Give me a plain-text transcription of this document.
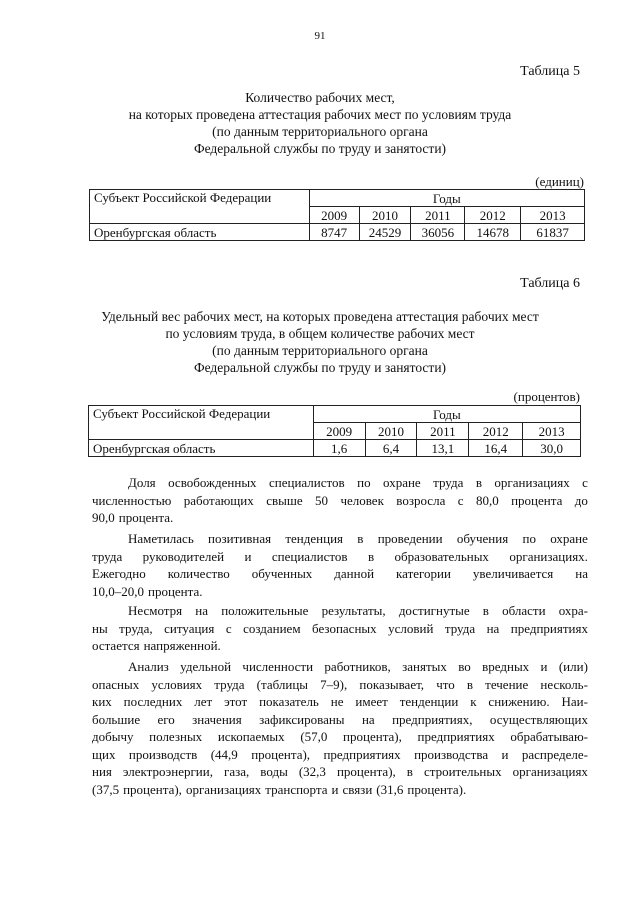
91
Таблица 5
Количество рабочих мест,
на которых проведена аттестация рабочих мест по условиям труда
(по данным территориального органа
Федеральной службы по труду и занятости)
(единиц)
Субъект Российской Федерации	Годы				
	2009	2010	2011	2012	2013
Оренбургская область	8747	24529	36056	14678	61837
Таблица 6
Удельный вес рабочих мест, на которых проведена аттестация рабочих мест
по условиям труда, в общем количестве рабочих мест
(по данным территориального органа
Федеральной службы по труду и занятости)
(процентов)
Субъект Российской Федерации	Годы				
	2009	2010	2011	2012	2013
Оренбургская область	1,6	6,4	13,1	16,4	30,0
Доля освобожденных специалистов по охране труда в организациях с
численностью работающих свыше 50 человек возросла с 80,0 процента до
90,0 процента.
Наметилась позитивная тенденция в проведении обучения по охране
труда руководителей и специалистов в образовательных организациях.
Ежегодно количество обученных данной категории увеличивается на
10,0–20,0 процента.
Несмотря на положительные результаты, достигнутые в области охра-
ны труда, ситуация с созданием безопасных условий труда на предприятиях
остается напряженной.
Анализ удельной численности работников, занятых во вредных и (или)
опасных условиях труда (таблицы 7–9), показывает, что в течение несколь-
ких последних лет этот показатель не имеет тенденции к снижению. Наи-
большие его значения зафиксированы на предприятиях, осуществляющих
добычу полезных ископаемых (57,0 процента), предприятиях обрабатываю-
щих производств (44,9 процента), предприятиях производства и распределе-
ния электроэнергии, газа, воды (32,3 процента), в строительных организациях
(37,5 процента), организациях транспорта и связи (31,6 процента).
